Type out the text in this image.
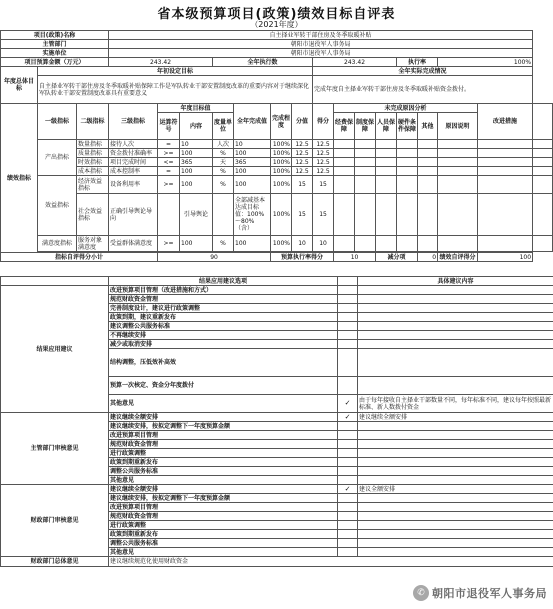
省本级预算项目(政策)绩效目标自评表
（2021年度）
项目(政策)名称			自主择业军转干部住房及冬季取暖补贴															
主管部门			朝阳市退役军人事务局															
实施单位			朝阳市退役军人事务局															
项目预算金额（万元）			243.42			全年执行数				243.42				执行率		100%		
年度总体目标	年初设定目标									全年实际完成情况								
	自主择业军转干部住房及冬季取暖补贴保障工作是军队转业干部安置制度改革的重要内容对于继续深化军队转业干部安置制度改革具有重要意义									完成年度自主择业军转干部住房及冬季取暖补贴资金拨付。								
绩效指标	一级指标	二级指标	三级指标	年度目标值			全年完成值	完成程度	分值	得分	未完成原因分析						改进措施	
				运算符号	内容	度量单位					经费保障	制度保障	人员保障	硬件条件保障	其他	原因说明		

	产出指标	数量指标	接待人次	=	10	人次	10	100%	12.5	12.5								
		质量指标	资金拨付准确率	>=	100	%	100	100%	12.5	12.5								
		时效指标	项目完成时间	<=	365	天	365	100%	12.5	12.5								
		成本指标	成本控制率	=	100	%	100	100%	12.5	12.5								
	效益指标	经济效益指标	设备利用率	>=	100	%	100	100%	15	15								
		社会效益指标	正确引导舆论导向		引导舆论		全部减基本达成目标值：100%～80%（含）	100%	15	15								
	满意度指标	服务对象满意度	受益群体满意度	>=	100	%	100	100%	10	10								

指标自评得分小计				90				预算执行率得分			10		减分项		0	绩效自评得分	100	
	结果应用建议选项		具体建议内容
结果应用建议	改进预算项目管理（改进措施和方式）		
	规范财政资金管理		
	完善制度设计，建议进行政策调整		
	政策到期，建议重新发布		
	建议调整公共服务标准		
	不再继续安排		
	减少或取消安排		
	结构调整，压低效补高效		
	预算一次核定、资金分年度拨付		
	其他意见	✓	由于每年接收自主择业干部数量不同，每年标准不同，建议每年按照最新标准、新人数拨付资金
主管部门审核意见	建议继续全额安排	✓	建议继续全额安排
	建议继续安排，按拟定调整下一年度预算金额		
	改进预算项目管理		
	规范财政资金管理		
	进行政策调整		
	政策到期重新发布		
	调整公共服务标准		
	其他意见		
财政部门审核意见	建议继续全额安排	✓	建议全额安排
	建议继续安排，按拟定调整下一年度预算金额		
	改进预算项目管理		
	规范财政资金管理		
	进行政策调整		
	政策到期重新发布		
	调整公共服务标准		
	其他意见		
财政部门总体意见	建议继续规范化使用财政资金		
✆ 朝阳市退役军人事务局
